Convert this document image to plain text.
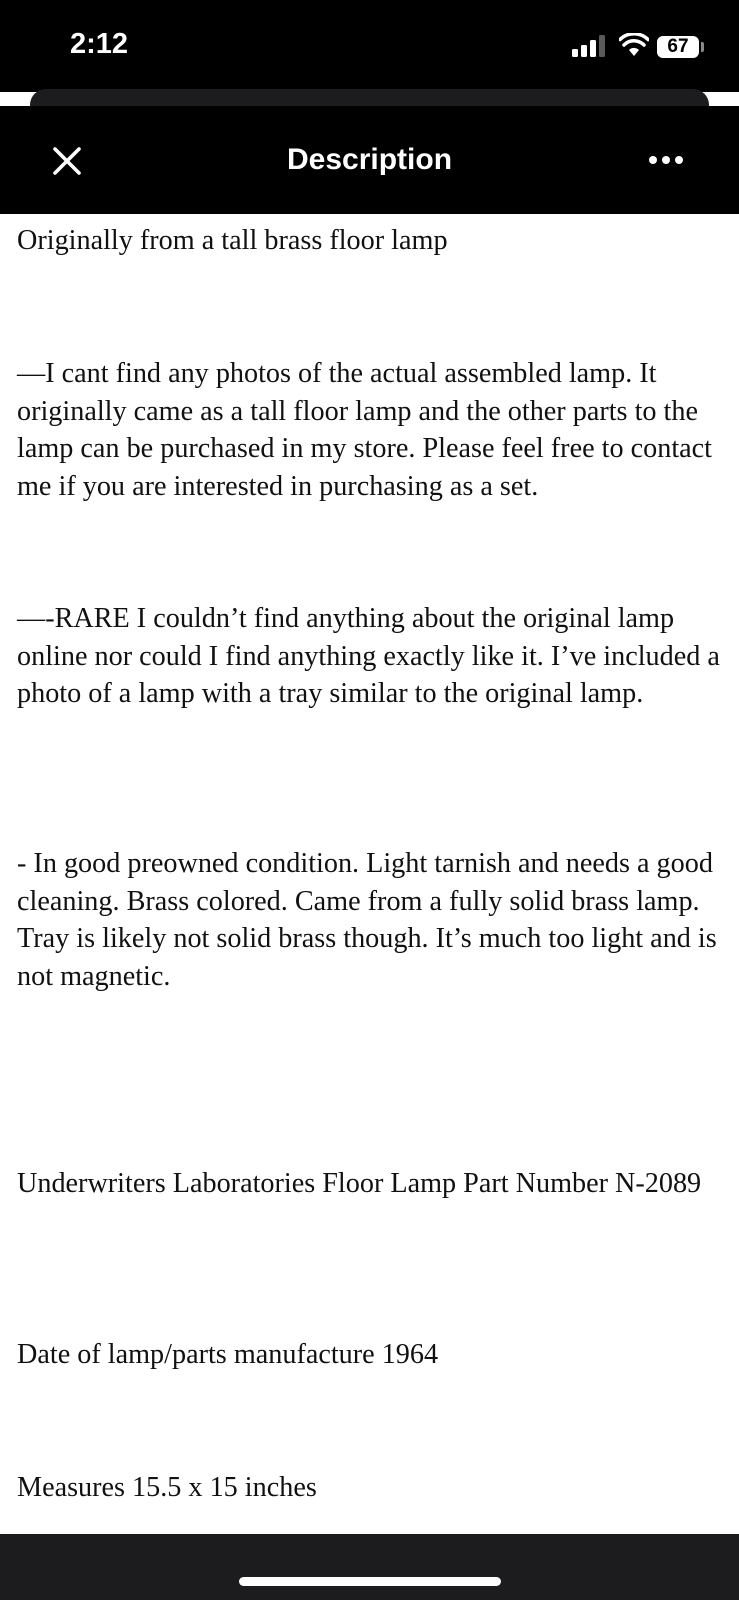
2:12	67
Description

Originally from a tall brass floor lamp

—I cant find any photos of the actual assembled lamp. It originally came as a tall floor lamp and the other parts to the lamp can be purchased in my store. Please feel free to contact me if you are interested in purchasing as a set.

—-RARE I couldn’t find anything about the original lamp online nor could I find anything exactly like it. I’ve included a photo of a lamp with a tray similar to the original lamp.

- In good preowned condition. Light tarnish and needs a good cleaning. Brass colored. Came from a fully solid brass lamp. Tray is likely not solid brass though. It’s much too light and is not magnetic.

Underwriters Laboratories Floor Lamp Part Number N-2089

Date of lamp/parts manufacture 1964

Measures 15.5 x 15 inches
